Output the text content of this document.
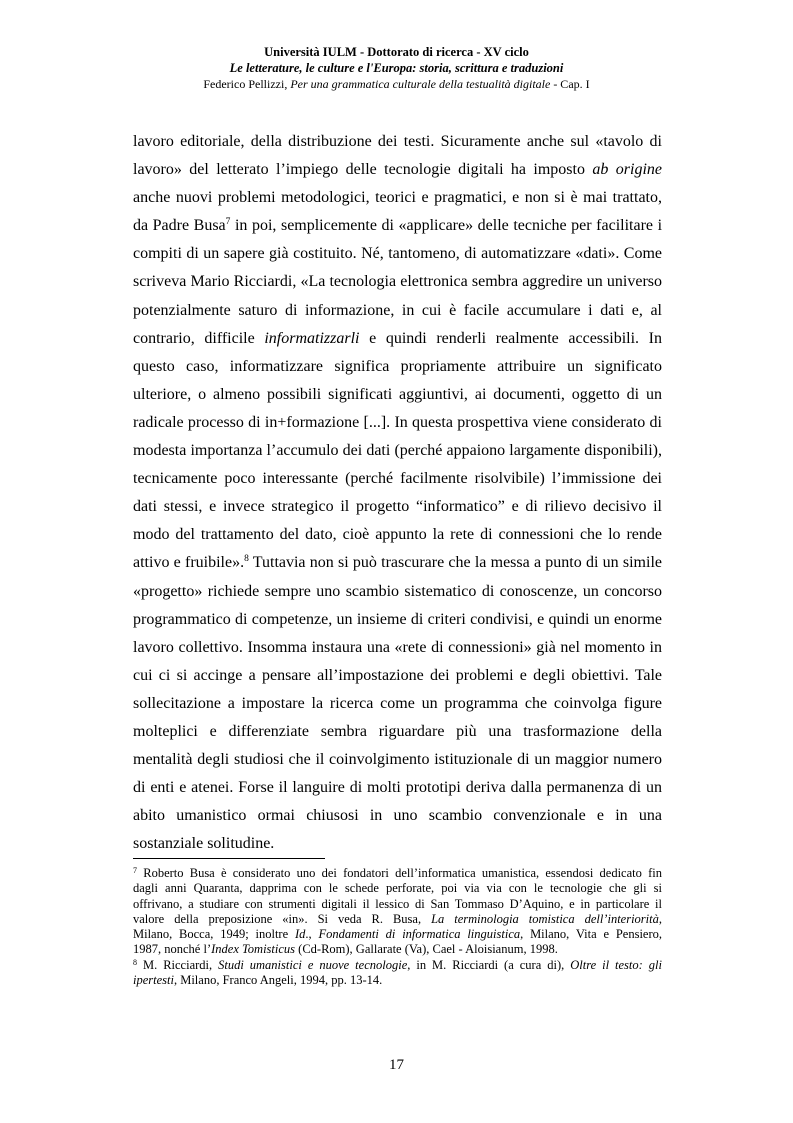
Università IULM - Dottorato di ricerca - XV ciclo
Le letterature, le culture e l'Europa: storia, scrittura e traduzioni
Federico Pellizzi, Per una grammatica culturale della testualità digitale - Cap. I
lavoro editoriale, della distribuzione dei testi. Sicuramente anche sul «tavolo di
lavoro» del letterato l’impiego delle tecnologie digitali ha imposto ab origine
anche nuovi problemi metodologici, teorici e pragmatici, e non si è mai trattato,
da Padre Busa$^7$ in poi, semplicemente di «applicare» delle tecniche per facilitare i
compiti di un sapere già costituito. Né, tantomeno, di automatizzare «dati». Come
scriveva Mario Ricciardi, «La tecnologia elettronica sembra aggredire un universo
potenzialmente saturo di informazione, in cui è facile accumulare i dati e, al
contrario, difficile informatizzarli e quindi renderli realmente accessibili. In
questo caso, informatizzare significa propriamente attribuire un significato
ulteriore, o almeno possibili significati aggiuntivi, ai documenti, oggetto di un
radicale processo di in+formazione [...]. In questa prospettiva viene considerato di
modesta importanza l’accumulo dei dati (perché appaiono largamente disponibili),
tecnicamente poco interessante (perché facilmente risolvibile) l’immissione dei
dati stessi, e invece strategico il progetto “informatico” e di rilievo decisivo il
modo del trattamento del dato, cioè appunto la rete di connessioni che lo rende
attivo e fruibile».$^8$ Tuttavia non si può trascurare che la messa a punto di un simile
«progetto» richiede sempre uno scambio sistematico di conoscenze, un concorso
programmatico di competenze, un insieme di criteri condivisi, e quindi un enorme
lavoro collettivo. Insomma instaura una «rete di connessioni» già nel momento in
cui ci si accinge a pensare all’impostazione dei problemi e degli obiettivi. Tale
sollecitazione a impostare la ricerca come un programma che coinvolga figure
molteplici e differenziate sembra riguardare più una trasformazione della
mentalità degli studiosi che il coinvolgimento istituzionale di un maggior numero
di enti e atenei. Forse il languire di molti prototipi deriva dalla permanenza di un
abito umanistico ormai chiusosi in uno scambio convenzionale e in una
sostanziale solitudine.
$^7$ Roberto Busa è considerato uno dei fondatori dell’informatica umanistica, essendosi dedicato fin
dagli anni Quaranta, dapprima con le schede perforate, poi via via con le tecnologie che gli si
offrivano, a studiare con strumenti digitali il lessico di San Tommaso D’Aquino, e in particolare il
valore della preposizione «in». Si veda R. Busa, La terminologia tomistica dell’interiorità,
Milano, Bocca, 1949; inoltre Id., Fondamenti di informatica linguistica, Milano, Vita e Pensiero,
1987, nonché l’Index Tomisticus (Cd-Rom), Gallarate (Va), Cael - Aloisianum, 1998.
$^8$ M. Ricciardi, Studi umanistici e nuove tecnologie, in M. Ricciardi (a cura di), Oltre il testo: gli
ipertesti, Milano, Franco Angeli, 1994, pp. 13-14.
17
